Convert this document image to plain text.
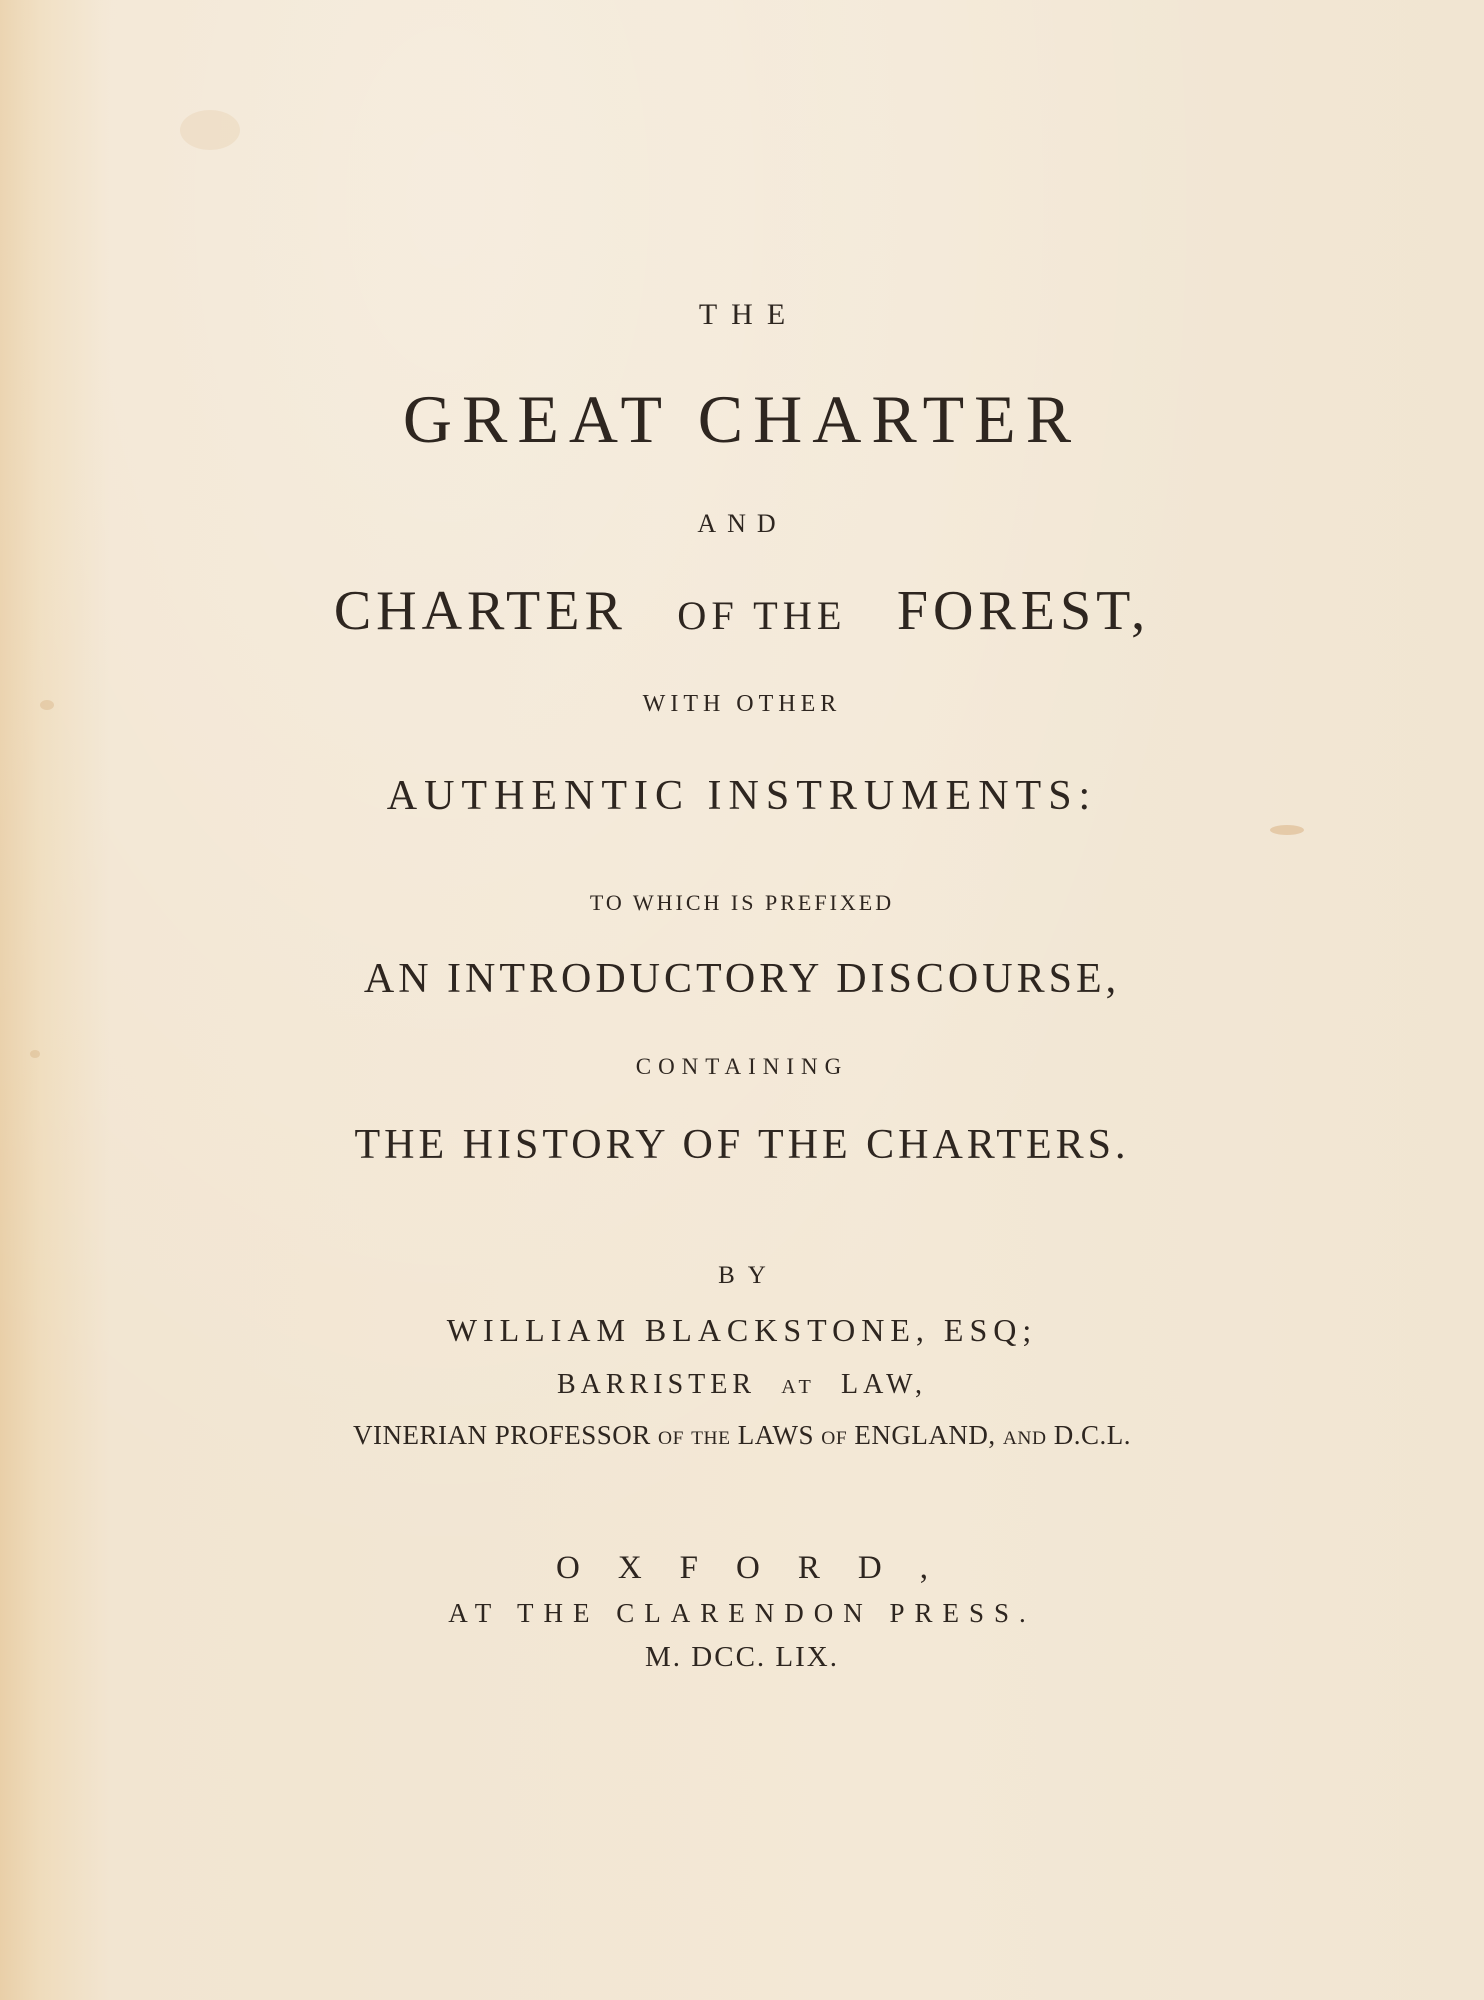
THE

GREAT CHARTER

AND

CHARTER OF THE FOREST,

WITH OTHER

AUTHENTIC INSTRUMENTS:

TO WHICH IS PREFIXED

AN INTRODUCTORY DISCOURSE,

CONTAINING

THE HISTORY OF THE CHARTERS.

BY

WILLIAM BLACKSTONE, ESQ;

BARRISTER AT LAW,

VINERIAN PROFESSOR OF THE LAWS OF ENGLAND, AND D.C.L.

OXFORD,

AT THE CLARENDON PRESS.

M. DCC. LIX.
